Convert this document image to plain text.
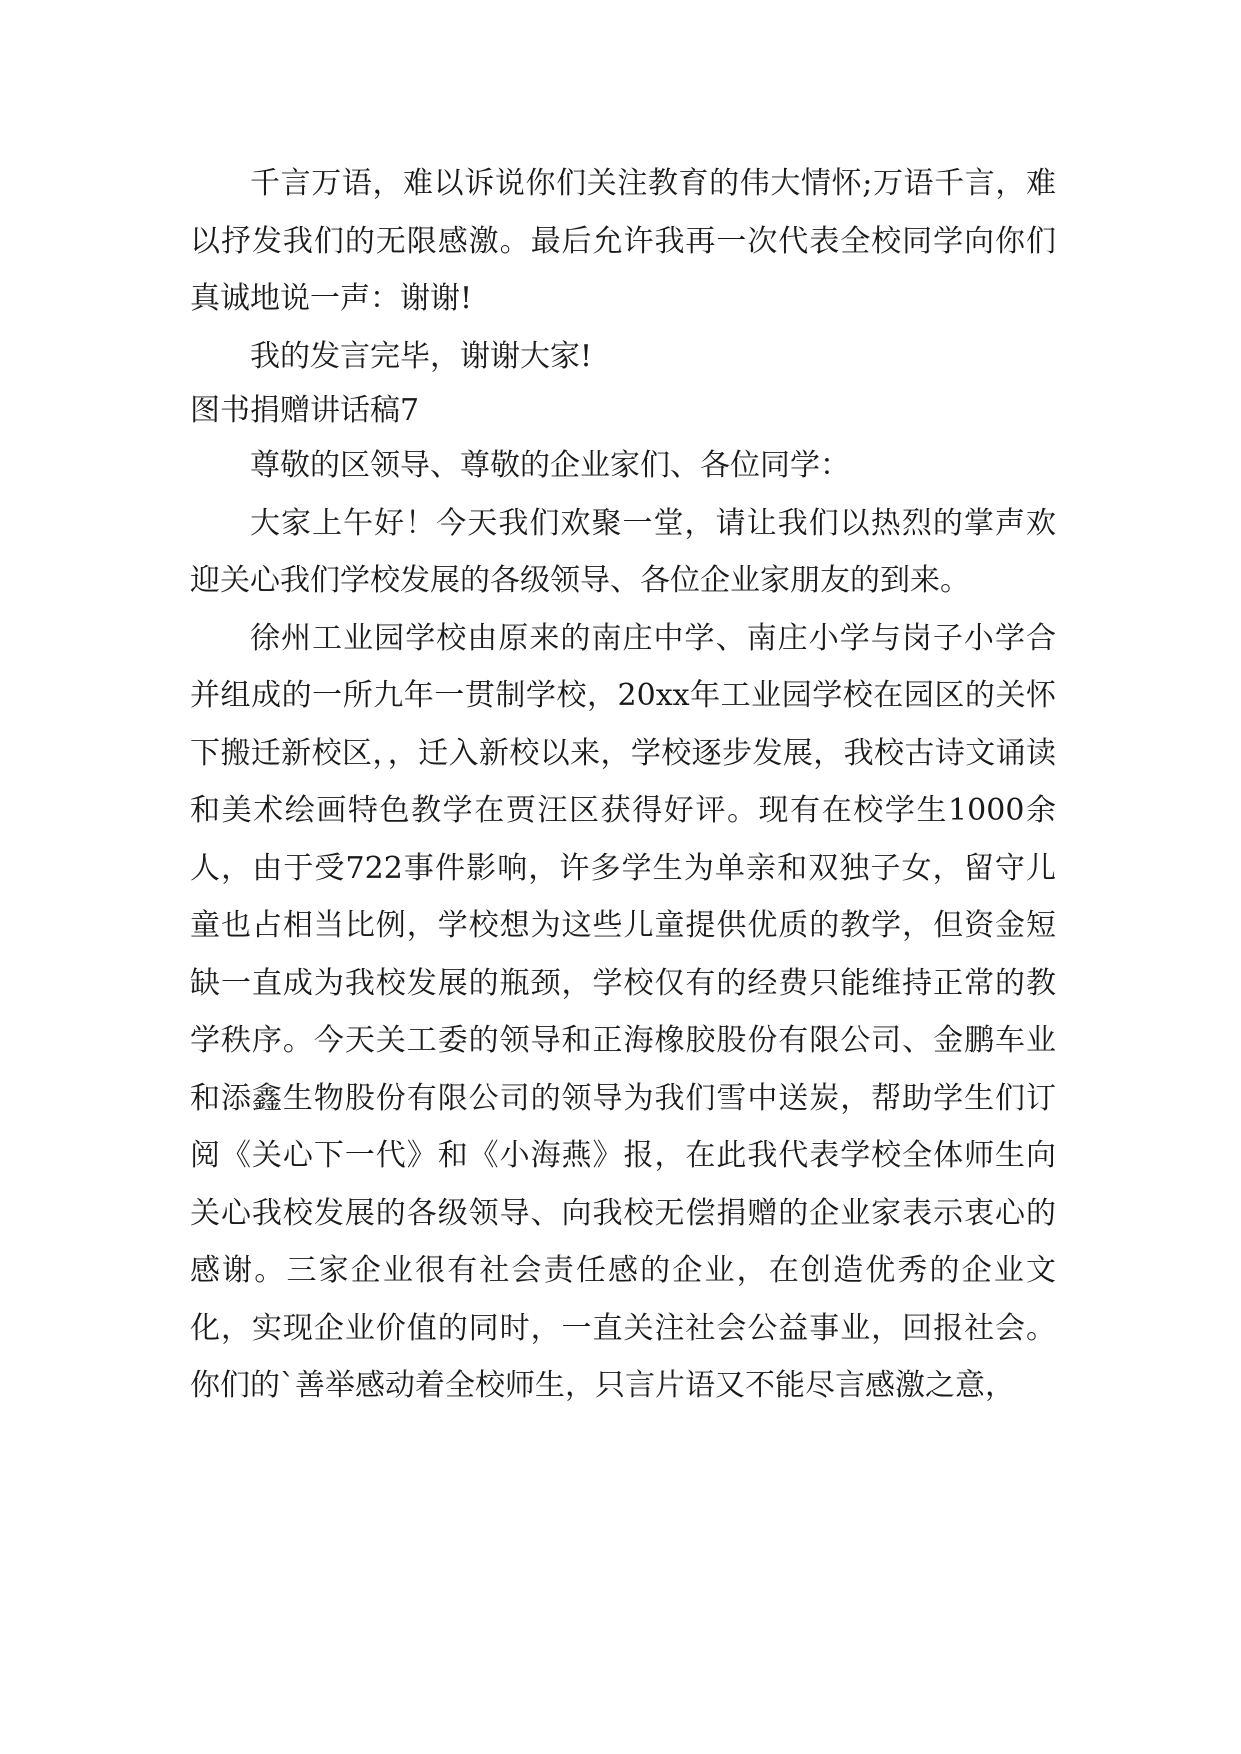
千言万语，难以诉说你们关注教育的伟大情怀;万语千言，难以抒发我们的无限感激。最后允许我再一次代表全校同学向你们真诚地说一声：谢谢!

我的发言完毕，谢谢大家!

图书捐赠讲话稿7

尊敬的区领导、尊敬的企业家们、各位同学：

大家上午好！今天我们欢聚一堂，请让我们以热烈的掌声欢迎关心我们学校发展的各级领导、各位企业家朋友的到来。

徐州工业园学校由原来的南庄中学、南庄小学与岗子小学合并组成的一所九年一贯制学校，20xx年工业园学校在园区的关怀下搬迁新校区，，迁入新校以来，学校逐步发展，我校古诗文诵读和美术绘画特色教学在贾汪区获得好评。现有在校学生1000余人，由于受722事件影响，许多学生为单亲和双独子女，留守儿童也占相当比例，学校想为这些儿童提供优质的教学，但资金短缺一直成为我校发展的瓶颈，学校仅有的经费只能维持正常的教学秩序。今天关工委的领导和正海橡胶股份有限公司、金鹏车业和添鑫生物股份有限公司的领导为我们雪中送炭，帮助学生们订阅《关心下一代》和《小海燕》报，在此我代表学校全体师生向关心我校发展的各级领导、向我校无偿捐赠的企业家表示衷心的感谢。三家企业很有社会责任感的企业，在创造优秀的企业文化，实现企业价值的同时，一直关注社会公益事业，回报社会。你们的`善举感动着全校师生，只言片语又不能尽言感激之意，
